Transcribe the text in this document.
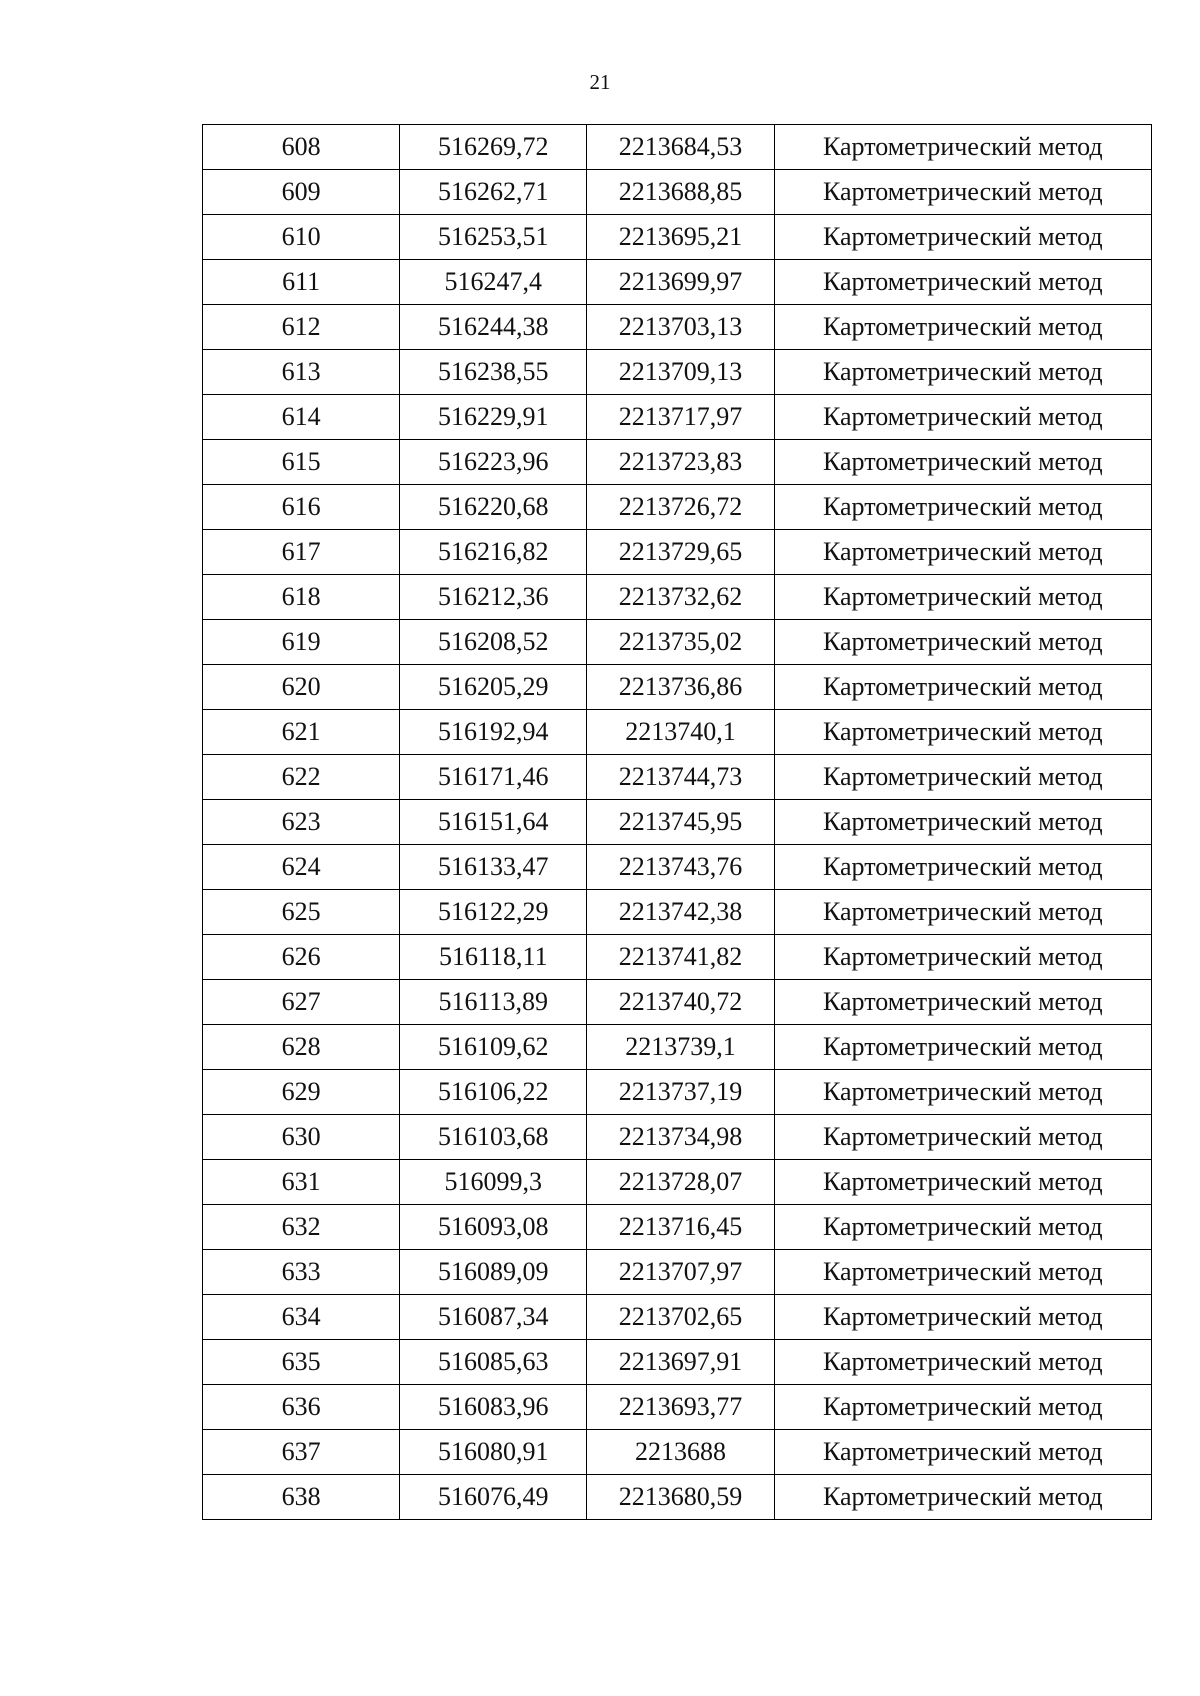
21
608	516269,72	2213684,53	Картометрический метод
609	516262,71	2213688,85	Картометрический метод
610	516253,51	2213695,21	Картометрический метод
611	516247,4	2213699,97	Картометрический метод
612	516244,38	2213703,13	Картометрический метод
613	516238,55	2213709,13	Картометрический метод
614	516229,91	2213717,97	Картометрический метод
615	516223,96	2213723,83	Картометрический метод
616	516220,68	2213726,72	Картометрический метод
617	516216,82	2213729,65	Картометрический метод
618	516212,36	2213732,62	Картометрический метод
619	516208,52	2213735,02	Картометрический метод
620	516205,29	2213736,86	Картометрический метод
621	516192,94	2213740,1	Картометрический метод
622	516171,46	2213744,73	Картометрический метод
623	516151,64	2213745,95	Картометрический метод
624	516133,47	2213743,76	Картометрический метод
625	516122,29	2213742,38	Картометрический метод
626	516118,11	2213741,82	Картометрический метод
627	516113,89	2213740,72	Картометрический метод
628	516109,62	2213739,1	Картометрический метод
629	516106,22	2213737,19	Картометрический метод
630	516103,68	2213734,98	Картометрический метод
631	516099,3	2213728,07	Картометрический метод
632	516093,08	2213716,45	Картометрический метод
633	516089,09	2213707,97	Картометрический метод
634	516087,34	2213702,65	Картометрический метод
635	516085,63	2213697,91	Картометрический метод
636	516083,96	2213693,77	Картометрический метод
637	516080,91	2213688	Картометрический метод
638	516076,49	2213680,59	Картометрический метод
